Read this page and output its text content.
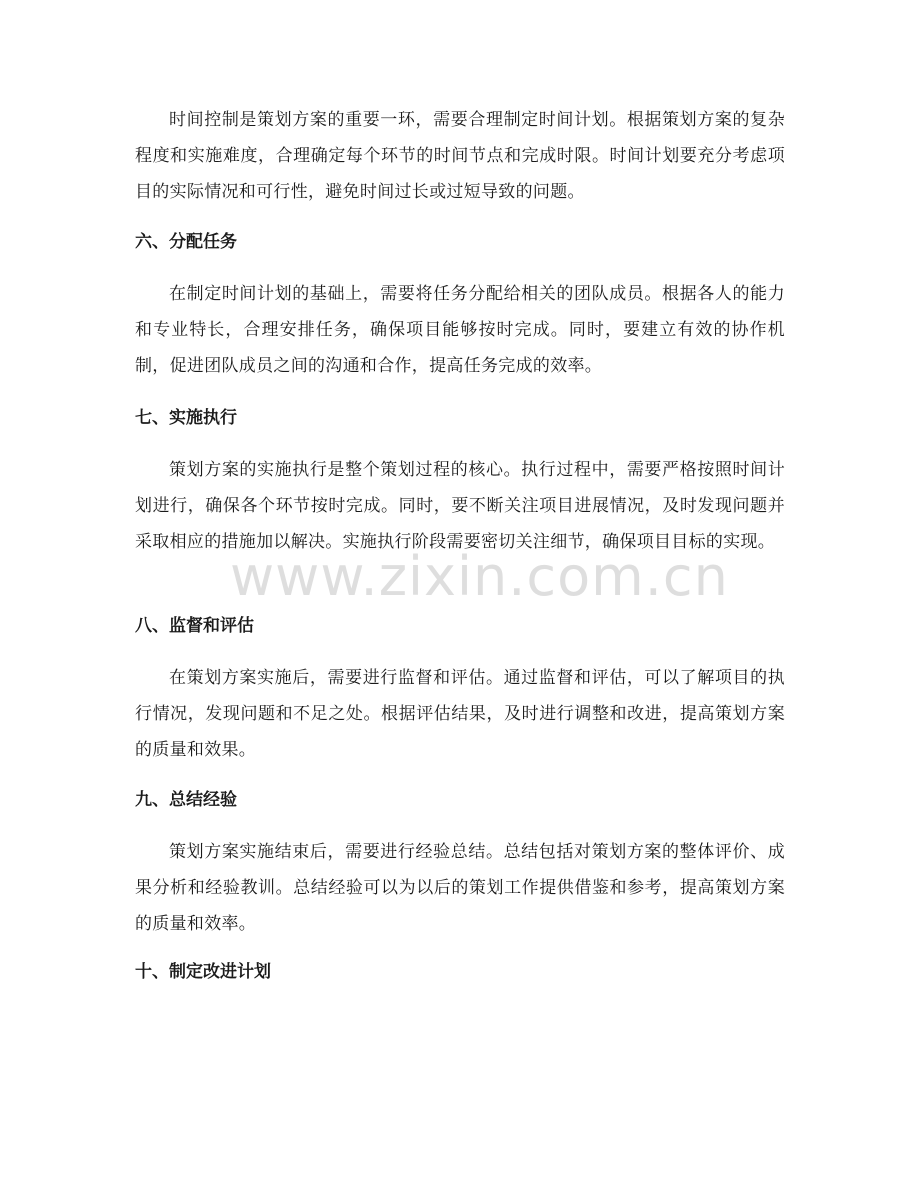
时间控制是策划方案的重要一环，需要合理制定时间计划。根据策划方案的复杂程度和实施难度，合理确定每个环节的时间节点和完成时限。时间计划要充分考虑项目的实际情况和可行性，避免时间过长或过短导致的问题。

六、分配任务

在制定时间计划的基础上，需要将任务分配给相关的团队成员。根据各人的能力和专业特长，合理安排任务，确保项目能够按时完成。同时，要建立有效的协作机制，促进团队成员之间的沟通和合作，提高任务完成的效率。

七、实施执行

策划方案的实施执行是整个策划过程的核心。执行过程中，需要严格按照时间计划进行，确保各个环节按时完成。同时，要不断关注项目进展情况，及时发现问题并采取相应的措施加以解决。实施执行阶段需要密切关注细节，确保项目目标的实现。

八、监督和评估

在策划方案实施后，需要进行监督和评估。通过监督和评估，可以了解项目的执行情况，发现问题和不足之处。根据评估结果，及时进行调整和改进，提高策划方案的质量和效果。

九、总结经验

策划方案实施结束后，需要进行经验总结。总结包括对策划方案的整体评价、成果分析和经验教训。总结经验可以为以后的策划工作提供借鉴和参考，提高策划方案的质量和效率。

十、制定改进计划

www.zixin.com.cn
